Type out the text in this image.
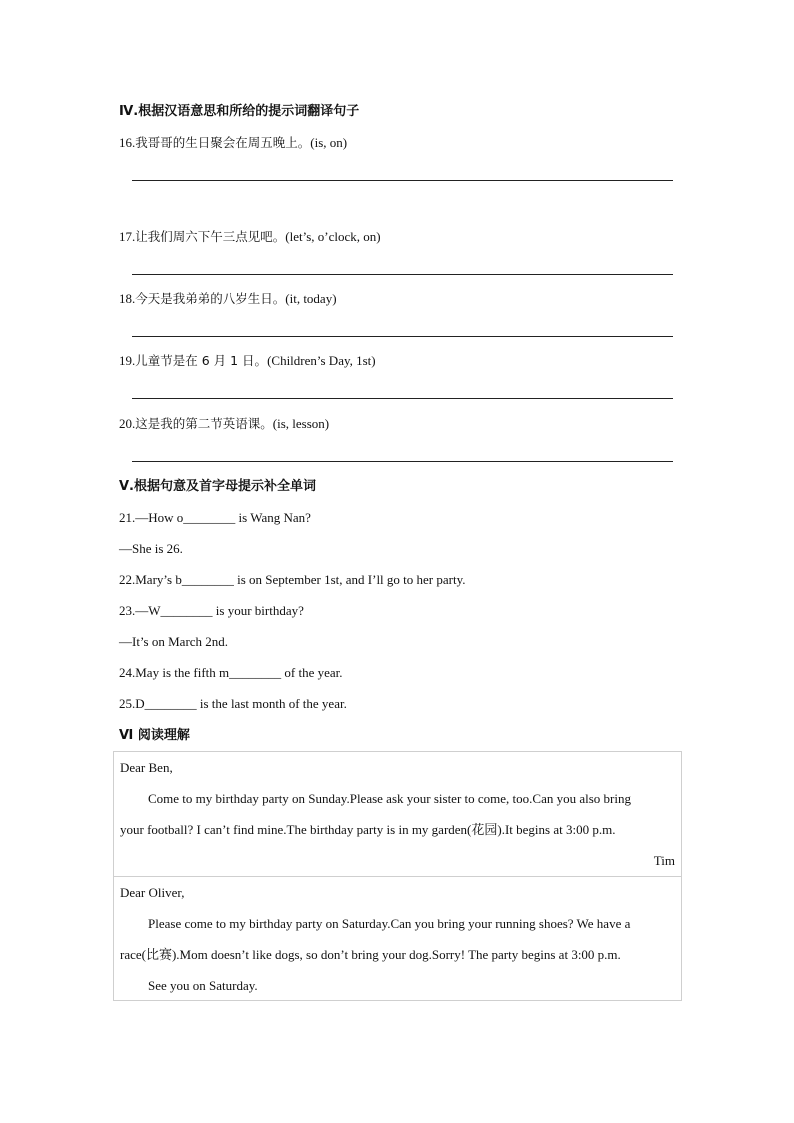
Ⅳ.根据汉语意思和所给的提示词翻译句子
16.我哥哥的生日聚会在周五晚上。(is, on)
17.让我们周六下午三点见吧。(let’s, o’clock, on)
18.今天是我弟弟的八岁生日。(it, today)
19.儿童节是在 6 月 1 日。(Children’s Day, 1st)
20.这是我的第二节英语课。(is, lesson)
Ⅴ.根据句意及首字母提示补全单词
21.—How o________ is Wang Nan?
—She is 26.
22.Mary’s b________ is on September 1st, and I’ll go to her party.
23.—W________ is your birthday?
—It’s on March 2nd.
24.May is the fifth m________ of the year.
25.D________ is the last month of the year.
Ⅵ 阅读理解
Dear Ben,
Come to my birthday party on Sunday.Please ask your sister to come, too.Can you also bring
your football? I can’t find mine.The birthday party is in my garden(花园).It begins at 3:00 p.m.
Tim
Dear Oliver,
Please come to my birthday party on Saturday.Can you bring your running shoes? We have a
race(比赛).Mom doesn’t like dogs, so don’t bring your dog.Sorry! The party begins at 3:00 p.m.
See you on Saturday.
